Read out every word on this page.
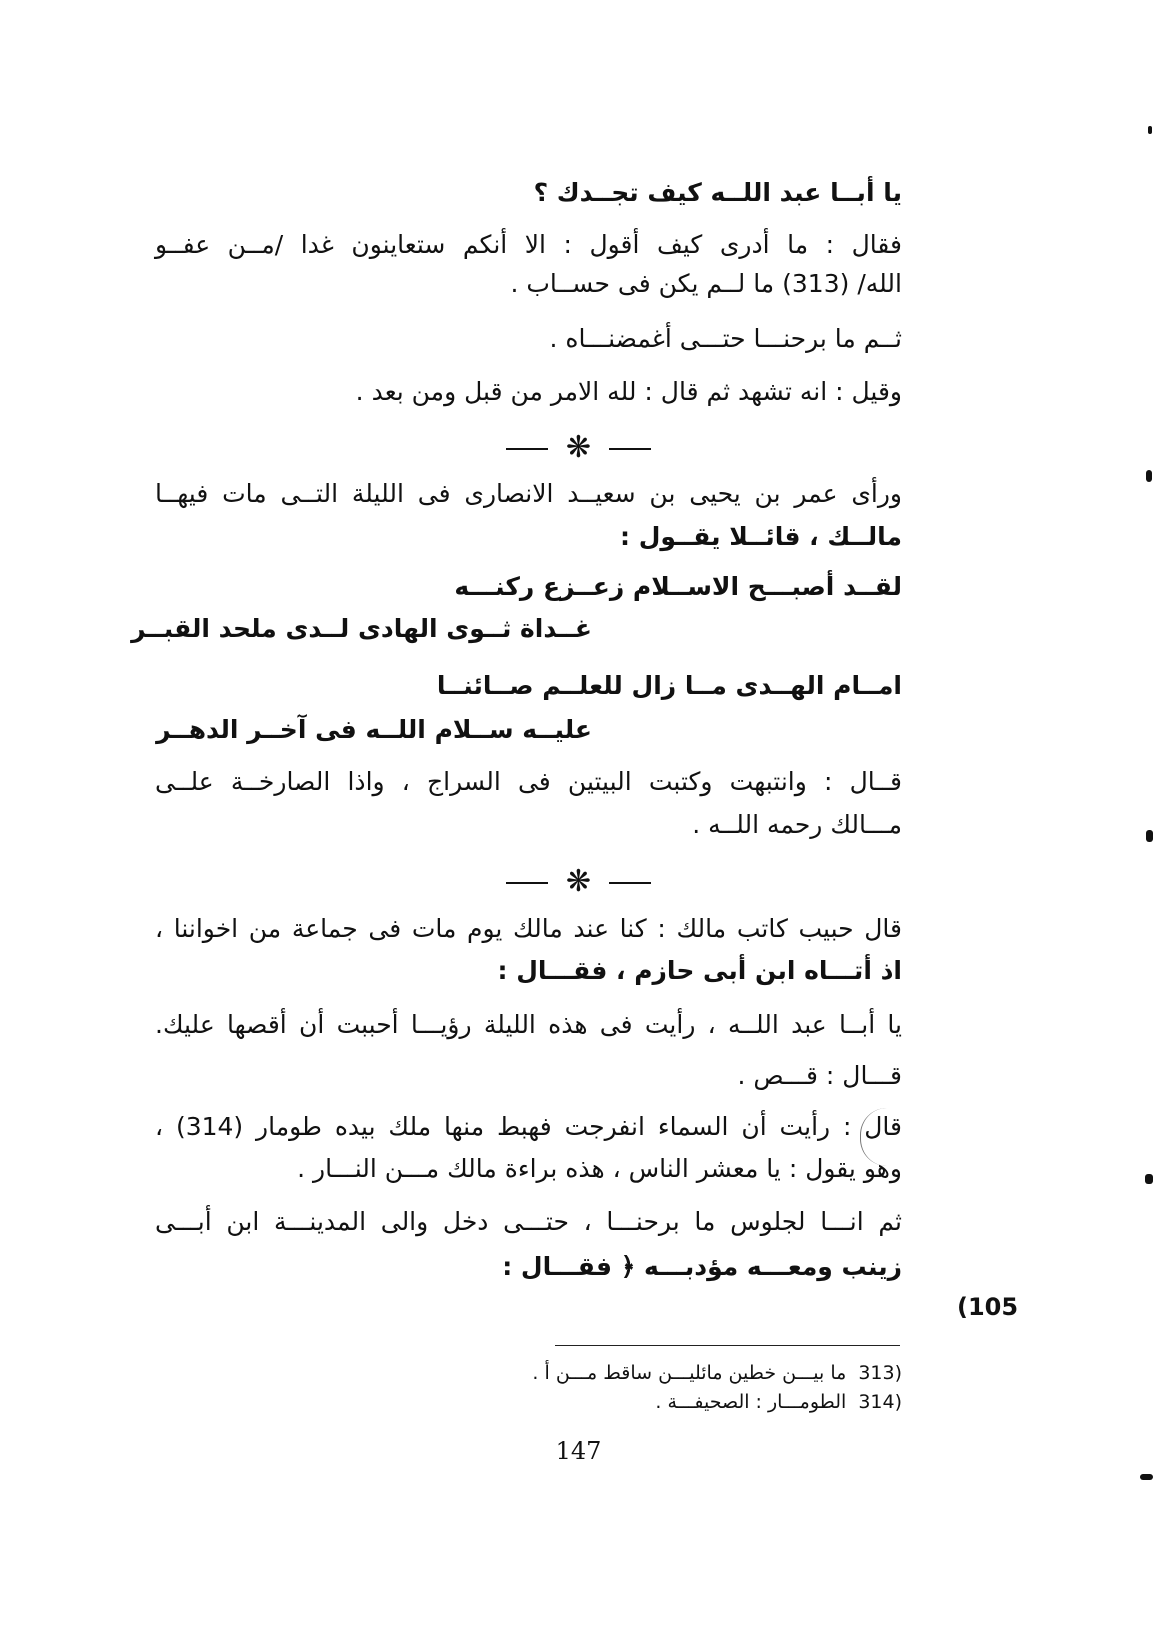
يا أبــا عبد اللــه كيف تجــدك ؟

فقال : ما أدرى كيف أقول : الا أنكم ستعاينون غدا /مــن عفــو

الله/ (313) ما لــم يكن فى حســاب .

ثــم ما برحنـــا حتـــى أغمضنـــاه .

وقيل : انه تشهد ثم قال : لله الامر من قبل ومن بعد .

❋

ورأى عمر بن يحيى بن سعيــد الانصارى فى الليلة التــى مات فيهــا

مالــك ، قائــلا يقــول :

لقــد أصبـــح الاســلام زعــزع ركنـــه

غــداة ثــوى الهادى لــدى ملحد القبــر

امــام الهــدى مــا زال للعلــم صــائنــا

عليــه ســلام اللــه فى آخــر الدهــر

قــال : وانتبهت وكتبت البيتين فى السراج ، واذا الصارخــة علــى

مـــالك رحمه اللــه .

❋

قال حبيب كاتب مالك : كنا عند مالك يوم مات فى جماعة من اخواننا ،

اذ أتـــاه ابن أبى حازم ، فقـــال :

يا أبــا عبد اللــه ، رأيت فى هذه الليلة رؤيـــا أحببت أن أقصها عليك.

قـــال : قـــص .

قال : رأيت أن السماء انفرجت فهبط منها ملك بيده طومار (314) ،

وهو يقول : يا معشر الناس ، هذه براءة مالك مـــن النـــار .

ثم انـــا لجلوس ما برحنـــا ، حتـــى دخل والى المدينـــة ابن أبـــى

زينب ومعـــه مؤدبـــه ﴿ فقـــال :

(105
(313ما بيـــن خطين مائليـــن ساقط مـــن أ .
(314الطومـــار : الصحيفـــة .
147
